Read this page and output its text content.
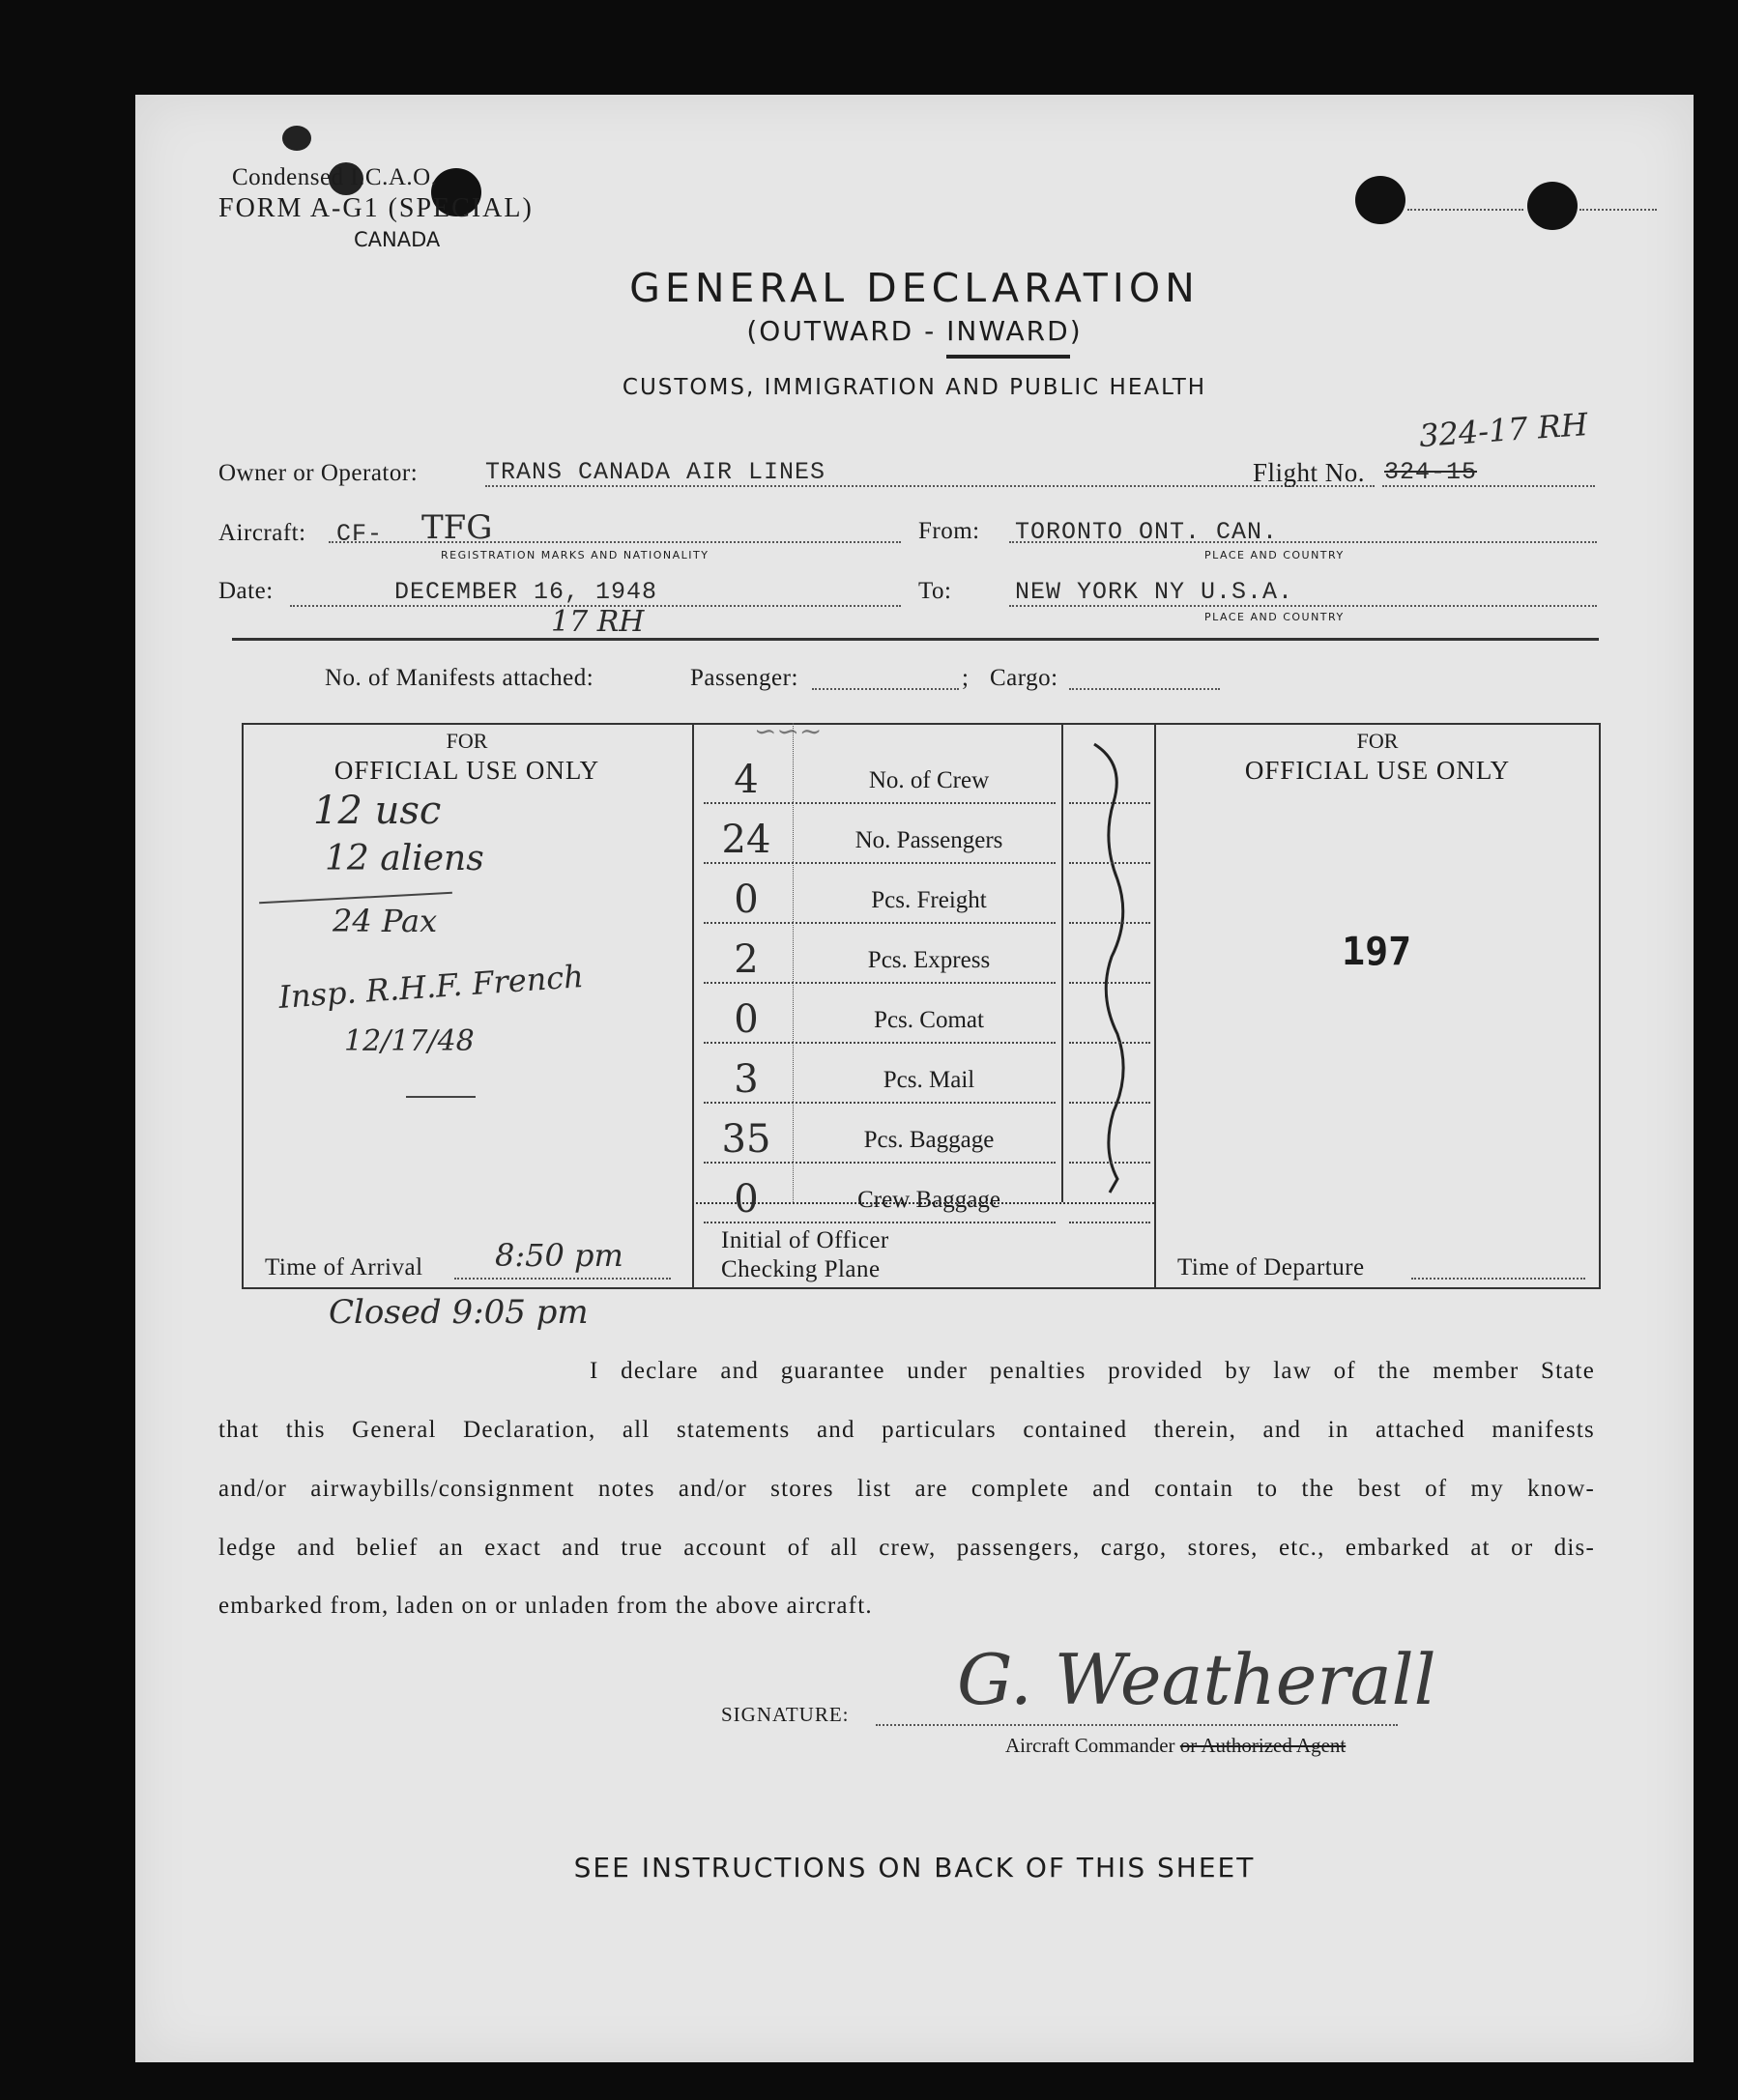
Condensed I.C.A.O.
FORM A-G1 (SPECIAL)
CANADA
GENERAL DECLARATION
(OUTWARD - INWARD)
CUSTOMS, IMMIGRATION AND PUBLIC HEALTH
324-17 RH
Owner or Operator:	TRANS CANADA AIR LINES	Flight No. 324-15
Aircraft: CF- TFG
REGISTRATION MARKS AND NATIONALITY
From: TORONTO ONT. CAN.
PLACE AND COUNTRY
Date:	DECEMBER 16, 1948
17 RH
To:	NEW YORK NY U.S.A.
PLACE AND COUNTRY
No. of Manifests attached:	Passenger:	; Cargo:
FOR
OFFICIAL USE ONLY
12 usc
12 aliens
24 Pax
Insp. R.H.F. French
12/17/48
Time of Arrival 8:50 pm
Closed 9:05 pm
∽∽∼
Initial of Officer
Checking Plane
FOR
OFFICIAL USE ONLY
197
Time of Departure
I declare and guarantee under penalties provided by law of the member State
that this General Declaration, all statements and particulars contained therein, and in attached manifests
and/or airwaybills/consignment notes and/or stores list are complete and contain to the best of my know-
ledge and belief an exact and true account of all crew, passengers, cargo, stores, etc., embarked at or dis-
embarked from, laden on or unladen from the above aircraft.
G. Weatherall
SIGNATURE:
Aircraft Commander or Authorized Agent
SEE INSTRUCTIONS ON BACK OF THIS SHEET
4	No. of Crew
24	No. Passengers
0	Pcs. Freight
2	Pcs. Express
0	Pcs. Comat
3	Pcs. Mail
35	Pcs. Baggage
0	Crew Baggage
